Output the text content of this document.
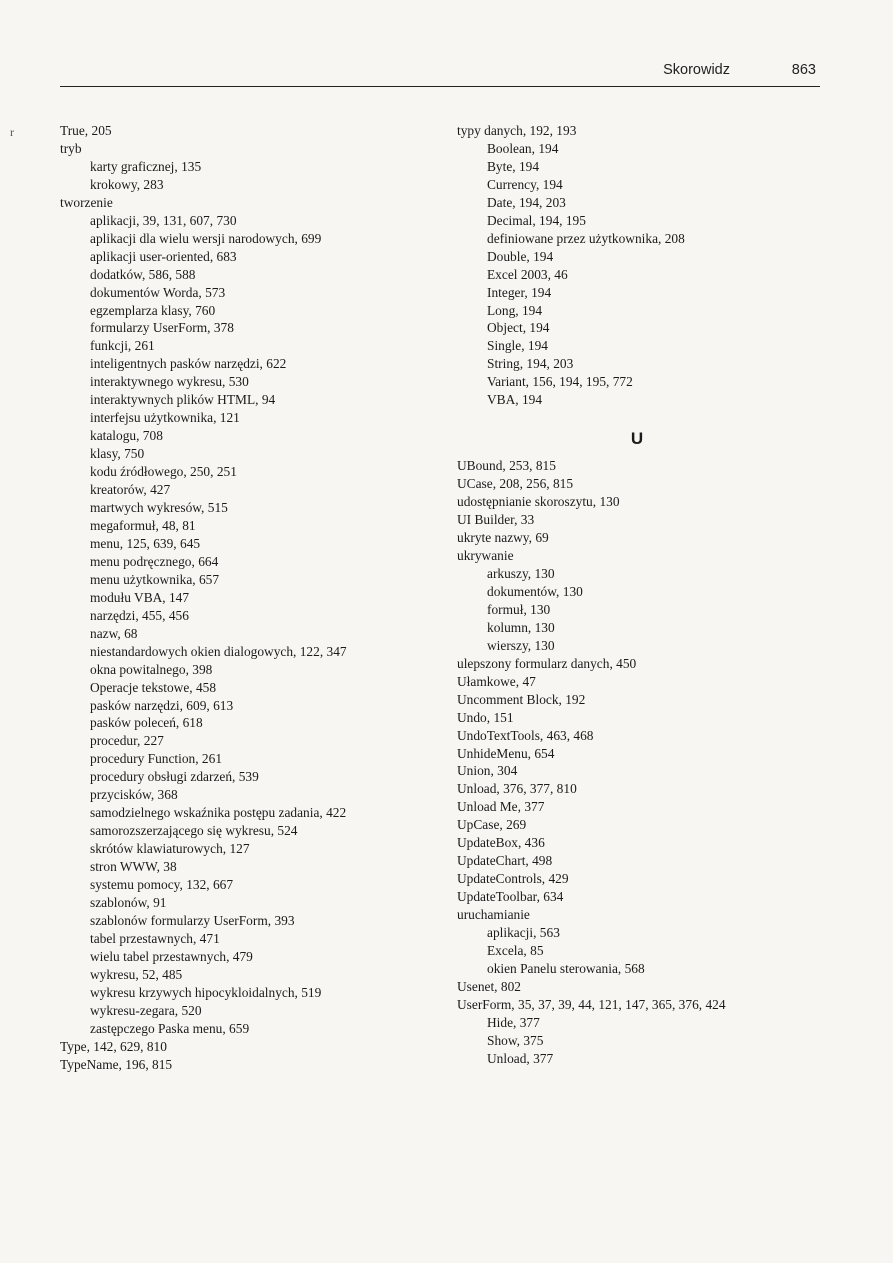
Skorowidz	863
r	True, 205
tryb
karty graficznej, 135
krokowy, 283
tworzenie
aplikacji, 39, 131, 607, 730
aplikacji dla wielu wersji narodowych, 699
aplikacji user-oriented, 683
dodatków, 586, 588
dokumentów Worda, 573
egzemplarza klasy, 760
formularzy UserForm, 378
funkcji, 261
inteligentnych pasków narzędzi, 622
interaktywnego wykresu, 530
interaktywnych plików HTML, 94
interfejsu użytkownika, 121
katalogu, 708
klasy, 750
kodu źródłowego, 250, 251
kreatorów, 427
martwych wykresów, 515
megaformuł, 48, 81
menu, 125, 639, 645
menu podręcznego, 664
menu użytkownika, 657
modułu VBA, 147
narzędzi, 455, 456
nazw, 68
niestandardowych okien dialogowych, 122, 347
okna powitalnego, 398
Operacje tekstowe, 458
pasków narzędzi, 609, 613
pasków poleceń, 618
procedur, 227
procedury Function, 261
procedury obsługi zdarzeń, 539
przycisków, 368
samodzielnego wskaźnika postępu zadania, 422
samorozszerzającego się wykresu, 524
skrótów klawiaturowych, 127
stron WWW, 38
systemu pomocy, 132, 667
szablonów, 91
szablonów formularzy UserForm, 393
tabel przestawnych, 471
wielu tabel przestawnych, 479
wykresu, 52, 485
wykresu krzywych hipocykloidalnych, 519
wykresu-zegara, 520
zastępczego Paska menu, 659
Type, 142, 629, 810
TypeName, 196, 815
typy danych, 192, 193
Boolean, 194
Byte, 194
Currency, 194
Date, 194, 203
Decimal, 194, 195
definiowane przez użytkownika, 208
Double, 194
Excel 2003, 46
Integer, 194
Long, 194
Object, 194
Single, 194
String, 194, 203
Variant, 156, 194, 195, 772
VBA, 194
U
UBound, 253, 815
UCase, 208, 256, 815
udostępnianie skoroszytu, 130
UI Builder, 33
ukryte nazwy, 69
ukrywanie
arkuszy, 130
dokumentów, 130
formuł, 130
kolumn, 130
wierszy, 130
ulepszony formularz danych, 450
Ułamkowe, 47
Uncomment Block, 192
Undo, 151
UndoTextTools, 463, 468
UnhideMenu, 654
Union, 304
Unload, 376, 377, 810
Unload Me, 377
UpCase, 269
UpdateBox, 436
UpdateChart, 498
UpdateControls, 429
UpdateToolbar, 634
uruchamianie
aplikacji, 563
Excela, 85
okien Panelu sterowania, 568
Usenet, 802
UserForm, 35, 37, 39, 44, 121, 147, 365, 376, 424
Hide, 377
Show, 375
Unload, 377
